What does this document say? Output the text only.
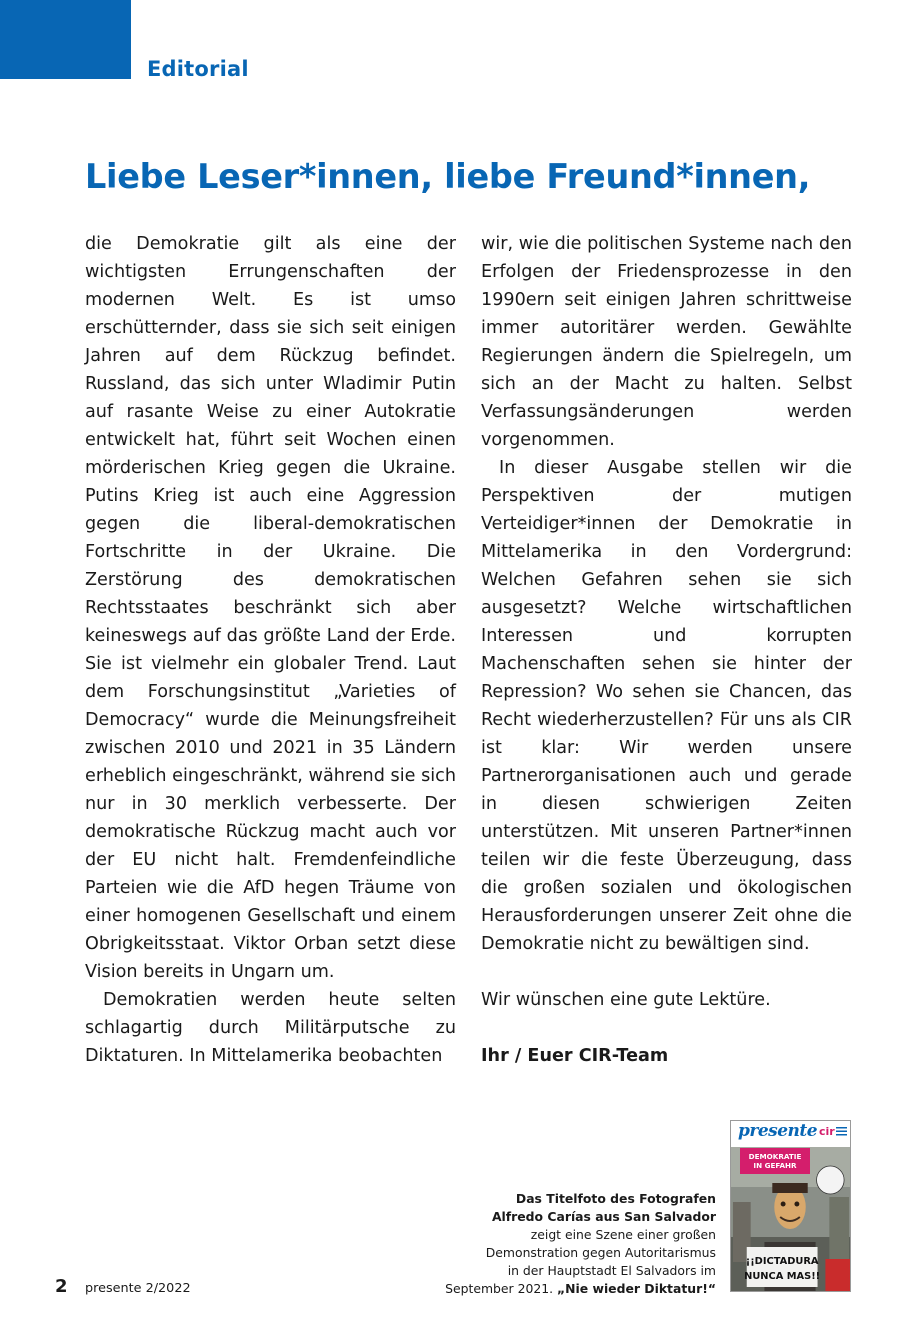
Editorial
Liebe Leser*innen, liebe Freund*innen,

die Demokratie gilt als eine der wichtigsten Errungenschaften der modernen Welt. Es ist umso erschütternder, dass sie sich seit einigen Jahren auf dem Rückzug befindet. Russland, das sich unter Wladimir Putin auf rasante Weise zu einer Autokratie entwickelt hat, führt seit Wochen einen mörderischen Krieg gegen die Ukraine. Putins Krieg ist auch eine Aggression gegen die liberal-demokratischen Fortschritte in der Ukraine. Die Zerstörung des demokratischen Rechtsstaates beschränkt sich aber keineswegs auf das größte Land der Erde. Sie ist vielmehr ein globaler Trend. Laut dem Forschungsinstitut „Varieties of Democracy“ wurde die Meinungsfreiheit zwischen 2010 und 2021 in 35 Ländern erheblich eingeschränkt, während sie sich nur in 30 merklich verbesserte. Der demokratische Rückzug macht auch vor der EU nicht halt. Fremdenfeindliche Parteien wie die AfD hegen Träume von einer homogenen Gesellschaft und einem Obrigkeitsstaat. Viktor Orban setzt diese Vision bereits in Ungarn um.

Demokratien werden heute selten schlagartig durch Militärputsche zu Diktaturen. In Mittelamerika beobachten

wir, wie die politischen Systeme nach den Erfolgen der Friedensprozesse in den 1990ern seit einigen Jahren schrittweise immer autoritärer werden. Gewählte Regierungen ändern die Spielregeln, um sich an der Macht zu halten. Selbst Verfassungsänderungen werden vorgenommen.

In dieser Ausgabe stellen wir die Perspektiven der mutigen Verteidiger*innen der Demokratie in Mittelamerika in den Vordergrund: Welchen Gefahren sehen sie sich ausgesetzt? Welche wirtschaftlichen Interessen und korrupten Machenschaften sehen sie hinter der Repression? Wo sehen sie Chancen, das Recht wiederherzustellen? Für uns als CIR ist klar: Wir werden unsere Partnerorganisationen auch und gerade in diesen schwierigen Zeiten unterstützen. Mit unseren Partner*innen teilen wir die feste Überzeugung, dass die großen sozialen und ökologischen Herausforderungen unserer Zeit ohne die Demokratie nicht zu bewältigen sind.

Wir wünschen eine gute Lektüre.

Ihr / Euer CIR-Team

Das Titelfoto des Fotografen
Alfredo Carías aus San Salvador
zeigt eine Szene einer großen
Demonstration gegen Autoritarismus
in der Hauptstadt El Salvadors im
September 2021. „Nie wieder Diktatur!“
¡¡DICTADURA
NUNCA MAS!!
presente cir
DEMOKRATIE
IN GEFAHR
2 presente 2/2022
